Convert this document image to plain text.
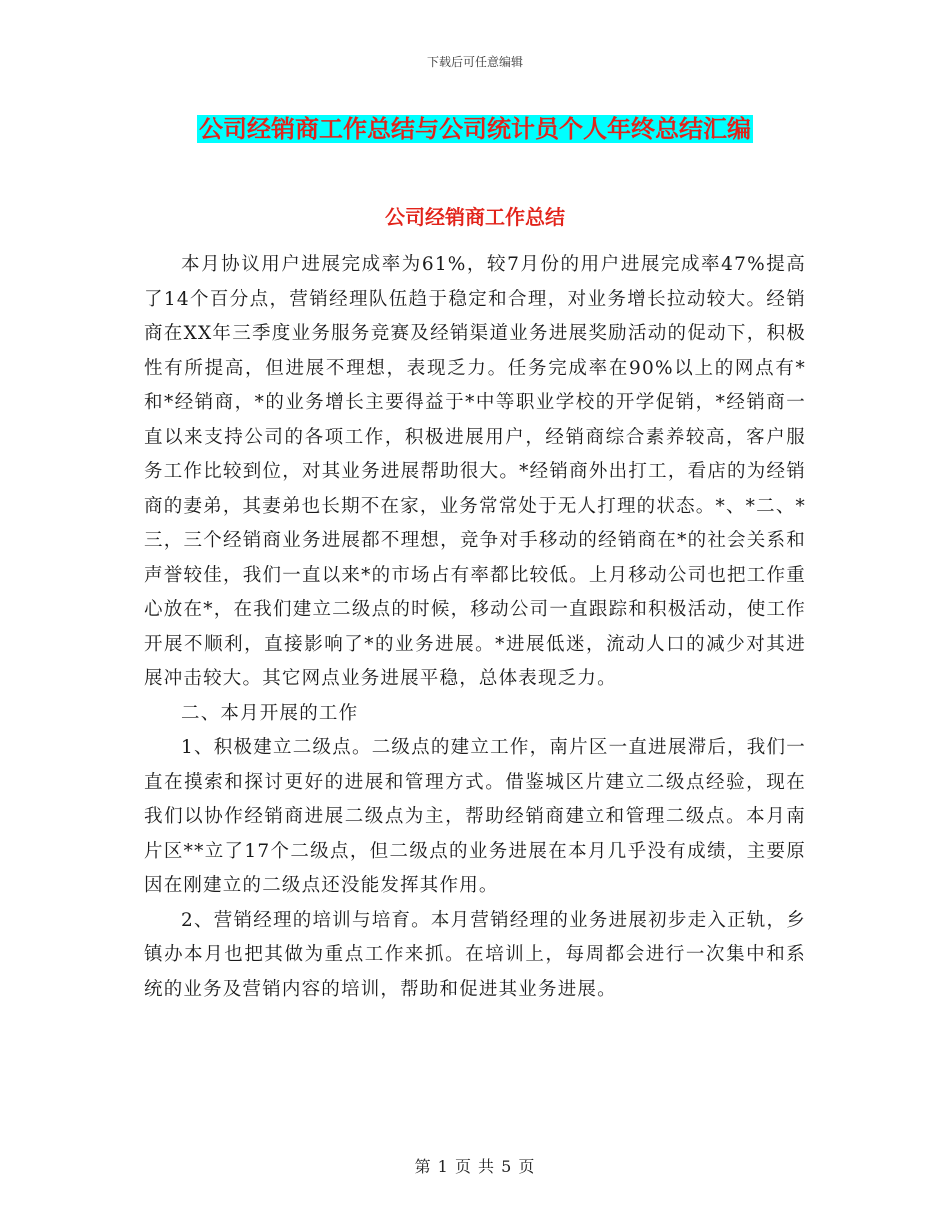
下载后可任意编辑
公司经销商工作总结与公司统计员个人年终总结汇编
公司经销商工作总结

本月协议用户进展完成率为61%，较7月份的用户进展完成率47%提高了14个百分点，营销经理队伍趋于稳定和合理，对业务增长拉动较大。经销商在XX年三季度业务服务竞赛及经销渠道业务进展奖励活动的促动下，积极性有所提高，但进展不理想，表现乏力。任务完成率在90%以上的网点有*和*经销商，*的业务增长主要得益于*中等职业学校的开学促销，*经销商一直以来支持公司的各项工作，积极进展用户，经销商综合素养较高，客户服务工作比较到位，对其业务进展帮助很大。*经销商外出打工，看店的为经销商的妻弟，其妻弟也长期不在家，业务常常处于无人打理的状态。*、*二、*三，三个经销商业务进展都不理想，竞争对手移动的经销商在*的社会关系和声誉较佳，我们一直以来*的市场占有率都比较低。上月移动公司也把工作重心放在*，在我们建立二级点的时候，移动公司一直跟踪和积极活动，使工作开展不顺利，直接影响了*的业务进展。*进展低迷，流动人口的减少对其进展冲击较大。其它网点业务进展平稳，总体表现乏力。

二、本月开展的工作

1、积极建立二级点。二级点的建立工作，南片区一直进展滞后，我们一直在摸索和探讨更好的进展和管理方式。借鉴城区片建立二级点经验，现在我们以协作经销商进展二级点为主，帮助经销商建立和管理二级点。本月南片区**立了17个二级点，但二级点的业务进展在本月几乎没有成绩，主要原因在刚建立的二级点还没能发挥其作用。

2、营销经理的培训与培育。本月营销经理的业务进展初步走入正轨，乡镇办本月也把其做为重点工作来抓。在培训上，每周都会进行一次集中和系统的业务及营销内容的培训，帮助和促进其业务进展。

第 1 页 共 5 页
